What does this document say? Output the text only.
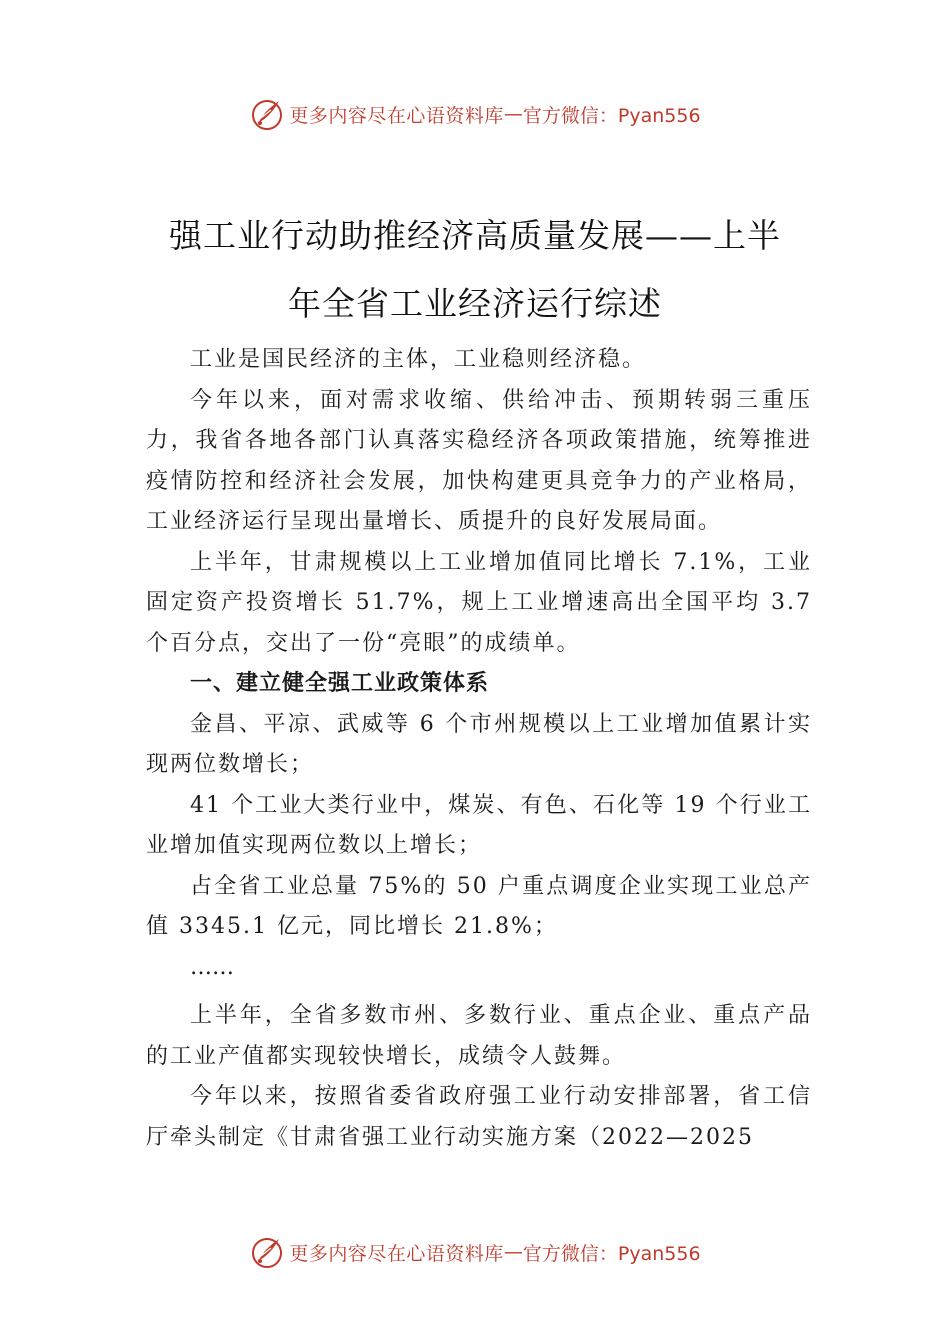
更多内容尽在心语资料库 — 官方微信：Pyan556
强工业行动助推经济高质量发展——上半
年全省工业经济运行综述

工业是国民经济的主体，工业稳则经济稳。

今年以来，面对需求收缩、供给冲击、预期转弱三重压力，我省各地各部门认真落实稳经济各项政策措施，统筹推进疫情防控和经济社会发展，加快构建更具竞争力的产业格局，工业经济运行呈现出量增长、质提升的良好发展局面。

上半年，甘肃规模以上工业增加值同比增长 7.1%，工业固定资产投资增长 51.7%，规上工业增速高出全国平均 3.7 个百分点，交出了一份“亮眼”的成绩单。

一、建立健全强工业政策体系

金昌、平凉、武威等 6 个市州规模以上工业增加值累计实现两位数增长；

41 个工业大类行业中，煤炭、有色、石化等 19 个行业工业增加值实现两位数以上增长；

占全省工业总量 75%的 50 户重点调度企业实现工业总产值 3345.1 亿元，同比增长 21.8%；

……

上半年，全省多数市州、多数行业、重点企业、重点产品的工业产值都实现较快增长，成绩令人鼓舞。

今年以来，按照省委省政府强工业行动安排部署，省工信厅牵头制定《甘肃省强工业行动实施方案（2022—2025

更多内容尽在心语资料库 — 官方微信：Pyan556
